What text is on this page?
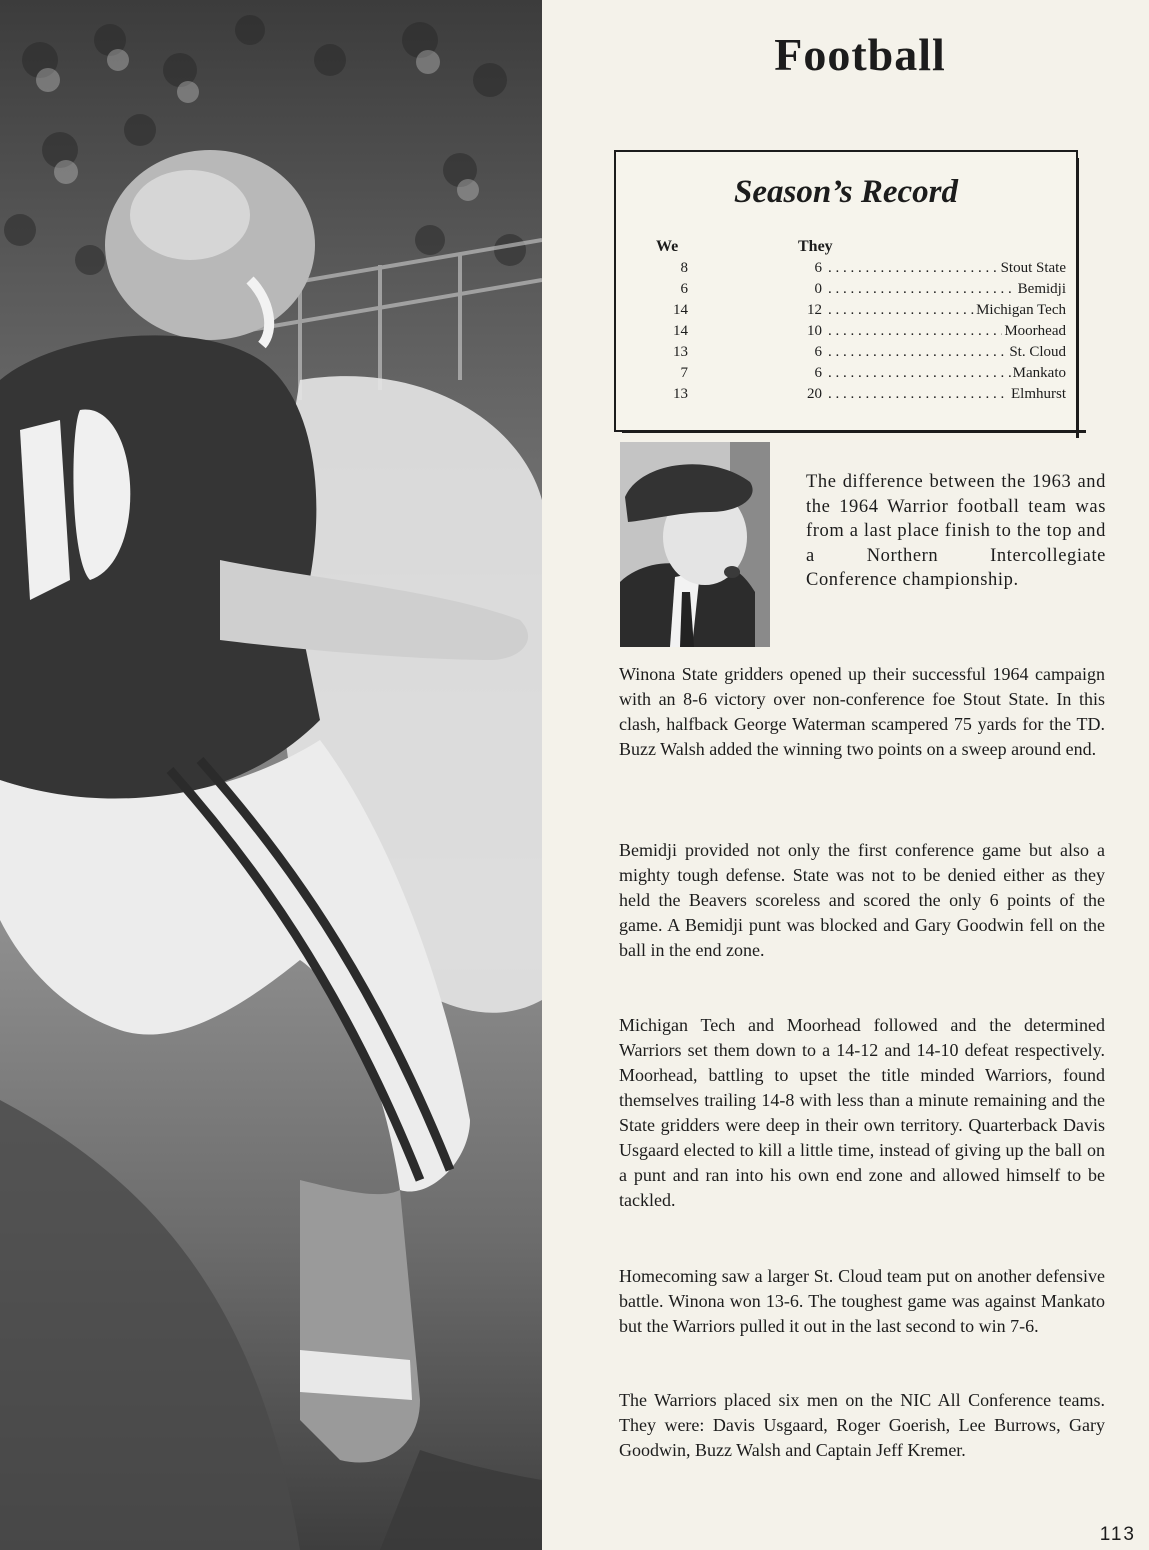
Football
Season’s Record
We	They
8	6 . . .	Stout State
6	0 . . .	Bemidji
14	12 . . .	Michigan Tech
14	10 . . .	Moorhead
13	6 . . .	St. Cloud
7	6 . . .	Mankato
13	20 . . .	Elmhurst

The difference between the 1963 and the 1964 Warrior football team was from a last place finish to the top and a Northern Intercollegiate Conference championship.

Winona State gridders opened up their successful 1964 campaign with an 8-6 victory over non-conference foe Stout State. In this clash, halfback George Waterman scampered 75 yards for the TD. Buzz Walsh added the winning two points on a sweep around end.

Bemidji provided not only the first conference game but also a mighty tough defense. State was not to be denied either as they held the Beavers scoreless and scored the only 6 points of the game. A Bemidji punt was blocked and Gary Goodwin fell on the ball in the end zone.

Michigan Tech and Moorhead followed and the determined Warriors set them down to a 14-12 and 14-10 defeat respectively. Moorhead, battling to upset the title minded Warriors, found themselves trailing 14-8 with less than a minute remaining and the State gridders were deep in their own territory. Quarterback Davis Usgaard elected to kill a little time, instead of giving up the ball on a punt and ran into his own end zone and allowed himself to be tackled.

Homecoming saw a larger St. Cloud team put on another defensive battle. Winona won 13-6. The toughest game was against Mankato but the Warriors pulled it out in the last second to win 7-6.

The Warriors placed six men on the NIC All Conference teams. They were: Davis Usgaard, Roger Goerish, Lee Burrows, Gary Goodwin, Buzz Walsh and Captain Jeff Kremer.

113
